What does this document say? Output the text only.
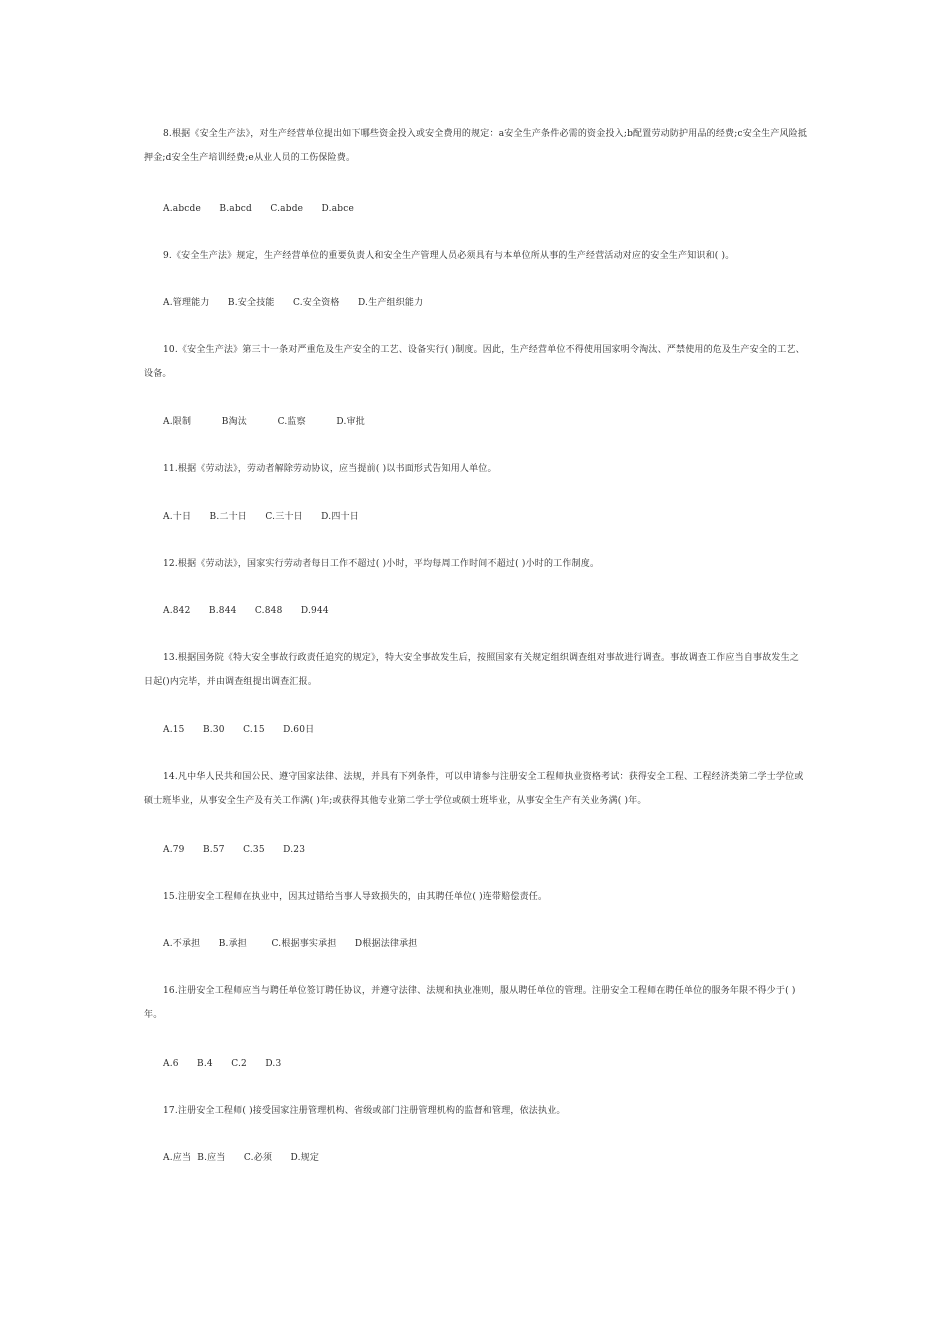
8.根据《安全生产法》，对生产经营单位提出如下哪些资金投入或安全费用的规定：a安全生产条件必需的资金投入;b配置劳动防护用品的经费;c安全生产风险抵押金;d安全生产培训经费;e从业人员的工伤保险费。
A.abcde      B.abcd      C.abde      D.abce
9.《安全生产法》规定，生产经营单位的重要负责人和安全生产管理人员必须具有与本单位所从事的生产经营活动对应的安全生产知识和( )。
A.管理能力      B.安全技能      C.安全资格      D.生产组织能力
10.《安全生产法》第三十一条对严重危及生产安全的工艺、设备实行( )制度。因此，生产经营单位不得使用国家明令淘汰、严禁使用的危及生产安全的工艺、设备。
A.限制          B淘汰          C.监察          D.审批
11.根据《劳动法》，劳动者解除劳动协议，应当提前( )以书面形式告知用人单位。
A.十日      B.二十日      C.三十日      D.四十日
12.根据《劳动法》，国家实行劳动者每日工作不超过( )小时，平均每周工作时间不超过( )小时的工作制度。
A.842      B.844      C.848      D.944
13.根据国务院《特大安全事故行政责任追究的规定》，特大安全事故发生后，按照国家有关规定组织调查组对事故进行调查。事故调查工作应当自事故发生之日起()内完毕，并由调查组提出调查汇报。
A.15      B.30      C.15      D.60日
14.凡中华人民共和国公民、遵守国家法律、法规，并具有下列条件，可以申请参与注册安全工程师执业资格考试：获得安全工程、工程经济类第二学士学位或硕士班毕业，从事安全生产及有关工作满( )年;或获得其他专业第二学士学位或硕士班毕业，从事安全生产有关业务满( )年。
A.79      B.57      C.35      D.23
15.注册安全工程师在执业中，因其过错给当事人导致损失的，由其聘任单位( )连带赔偿责任。
A.不承担      B.承担        C.根据事实承担      D根据法律承担
16.注册安全工程师应当与聘任单位签订聘任协议，并遵守法律、法规和执业准则，服从聘任单位的管理。注册安全工程师在聘任单位的服务年限不得少于( )年。
A.6      B.4      C.2      D.3
17.注册安全工程师( )接受国家注册管理机构、省级或部门注册管理机构的监督和管理，依法执业。
A.应当  B.应当      C.必须      D.规定
